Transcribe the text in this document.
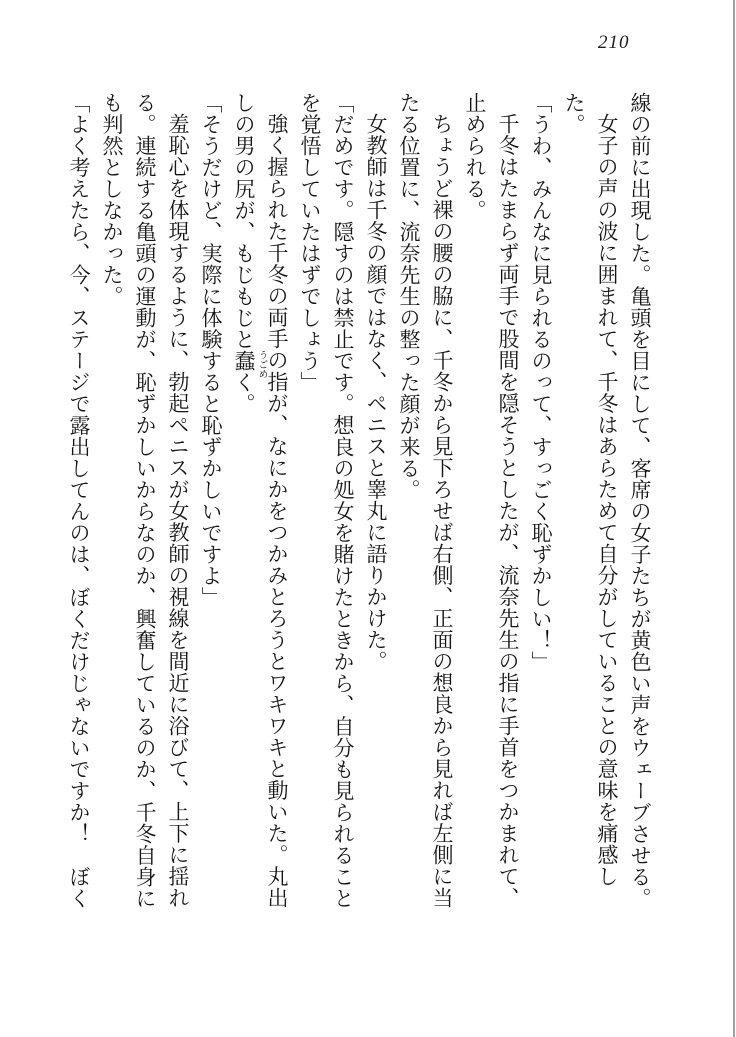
210
線の前に出現した。亀頭を目にして、客席の女子たちが黄色い声をウェーブさせる。
女子の声の波に囲まれて、千冬はあらためて自分がしていることの意味を痛感した。
「うわ、みんなに見られるのって、すっごく恥ずかしい！」
千冬はたまらず両手で股間を隠そうとしたが、流奈先生の指に手首をつかまれて、
止められる。
ちょうど裸の腰の脇に、千冬から見下ろせば右側、正面の想良から見れば左側に当
たる位置に、流奈先生の整った顔が来る。
女教師は千冬の顔ではなく、ペニスと睾丸に語りかけた。
「だめです。隠すのは禁止です。想良の処女を賭けたときから、自分も見られること
を覚悟していたはずでしょう」
強く握られた千冬の両手の指が、なにかをつかみとろうとワキワキと動いた。丸出
しの男の尻が、もじもじと蠢 うごめ
く。
「そうだけど、実際に体験すると恥ずかしいですよ」
羞恥心を体現するように、勃起ペニスが女教師の視線を間近に浴びて、上下に揺れ
る。連続する亀頭の運動が、恥ずかしいからなのか、興奮しているのか、千冬自身に
も判然としなかった。
「よく考えたら、今、ステージで露出してんのは、ぼくだけじゃないですか！　ぼく
